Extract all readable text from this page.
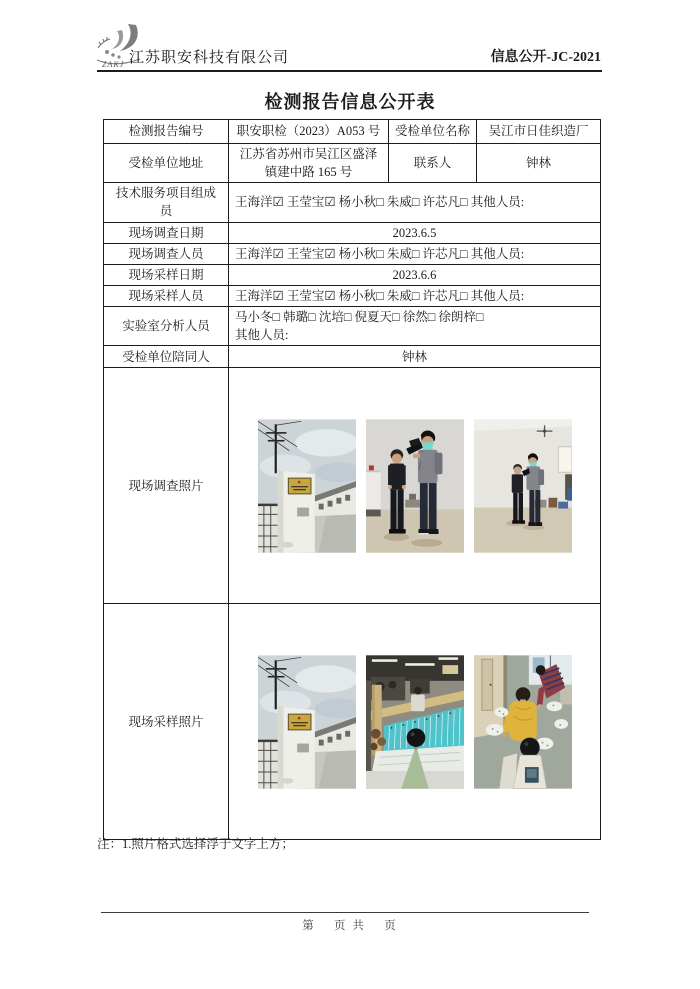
ZAKJ 江苏职安科技有限公司	信息公开-JC-2021
检测报告信息公开表
检测报告编号	职安职检（2023）A053 号	受检单位名称	吴江市日佳织造厂
受检单位地址	江苏省苏州市吴江区盛泽镇建中路 165 号	联系人	钟林
技术服务项目组成员	王海洋☑ 王莹宝☑ 杨小秋□ 朱威□ 许芯凡□ 其他人员:		
现场调查日期	2023.6.5		
现场调查人员	王海洋☑ 王莹宝☑ 杨小秋□ 朱威□ 许芯凡□ 其他人员:		
现场采样日期	2023.6.6		
现场采样人员	王海洋☑ 王莹宝☑ 杨小秋□ 朱威□ 许芯凡□ 其他人员:		
实验室分析人员	马小冬□ 韩璐□ 沈培□ 倪夏天□ 徐然□ 徐朗梓□
其他人员:		

受检单位陪同人	钟林		
现场调查照片	

现场采样照片	
注：1.照片格式选择浮于文字上方；
第　 页 共 　页
